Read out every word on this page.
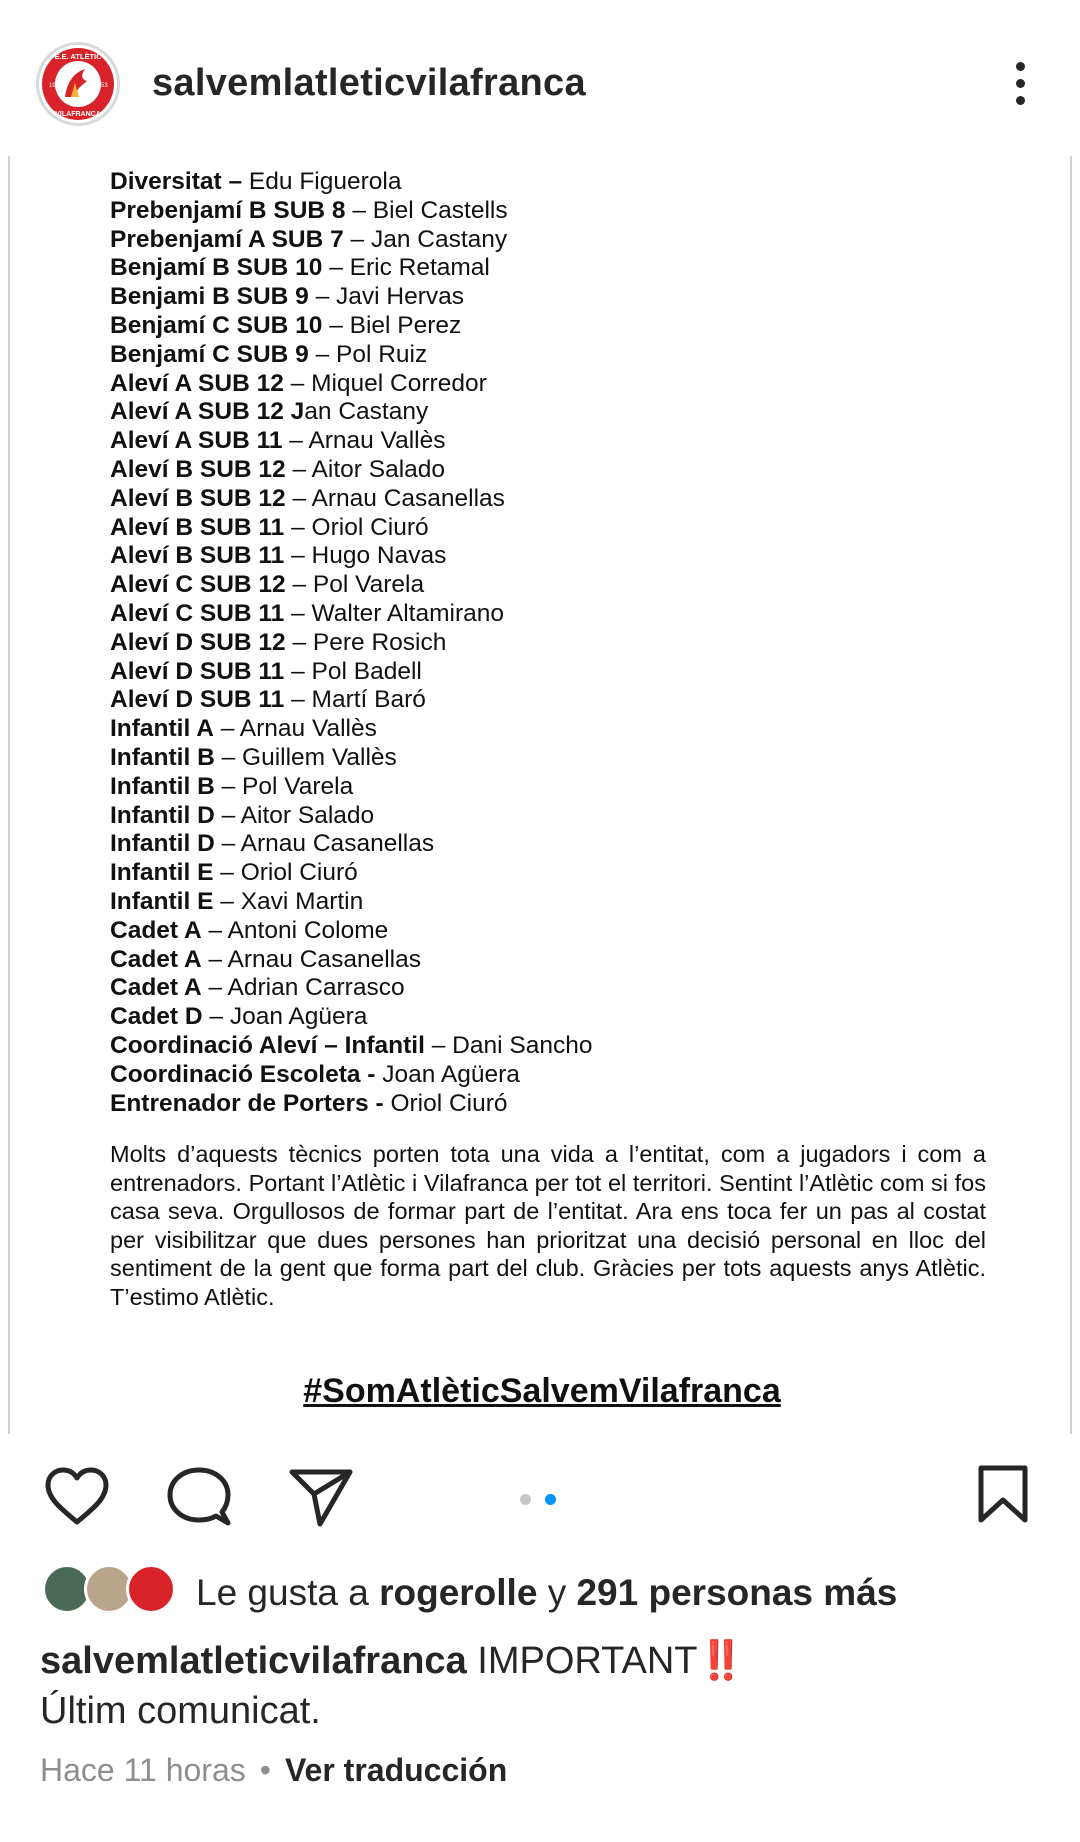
E.E. ATLÈTIC
VILAFRANCA
19	53 salvemlatleticvilafranca
Diversitat – Edu Figuerola
Prebenjamí B SUB 8 – Biel Castells
Prebenjamí A SUB 7 – Jan Castany
Benjamí B SUB 10 – Eric Retamal
Benjami B SUB 9 – Javi Hervas
Benjamí C SUB 10 – Biel Perez
Benjamí C SUB 9 – Pol Ruiz
Aleví A SUB 12 – Miquel Corredor
Aleví A SUB 12 Jan Castany
Aleví A SUB 11 – Arnau Vallès
Aleví B SUB 12 – Aitor Salado
Aleví B SUB 12 – Arnau Casanellas
Aleví B SUB 11 – Oriol Ciuró
Aleví B SUB 11 – Hugo Navas
Aleví C SUB 12 – Pol Varela
Aleví C SUB 11 – Walter Altamirano
Aleví D SUB 12 – Pere Rosich
Aleví D SUB 11 – Pol Badell
Aleví D SUB 11 – Martí Baró
Infantil A – Arnau Vallès
Infantil B – Guillem Vallès
Infantil B – Pol Varela
Infantil D – Aitor Salado
Infantil D – Arnau Casanellas
Infantil E – Oriol Ciuró
Infantil E – Xavi Martin
Cadet A – Antoni Colome
Cadet A – Arnau Casanellas
Cadet A – Adrian Carrasco
Cadet D – Joan Agüera
Coordinació Aleví – Infantil – Dani Sancho
Coordinació Escoleta - Joan Agüera
Entrenador de Porters - Oriol Ciuró
Molts d’aquests tècnics porten tota una vida a l’entitat, com a jugadors i com a entrenadors. Portant l’Atlètic i Vilafranca per tot el territori. Sentint l’Atlètic com si fos casa seva. Orgullosos de formar part de l’entitat. Ara ens toca fer un pas al costat per visibilitzar que dues persones han prioritzat una decisió personal en lloc del sentiment de la gent que forma part del club. Gràcies per tots aquests anys Atlètic. T’estimo Atlètic.
#SomAtlèticSalvemVilafranca
Le gusta a rogerolle y 291 personas más
salvemlatleticvilafranca IMPORTANT‼️
Últim comunicat.
Hace 11 horas • Ver traducción
